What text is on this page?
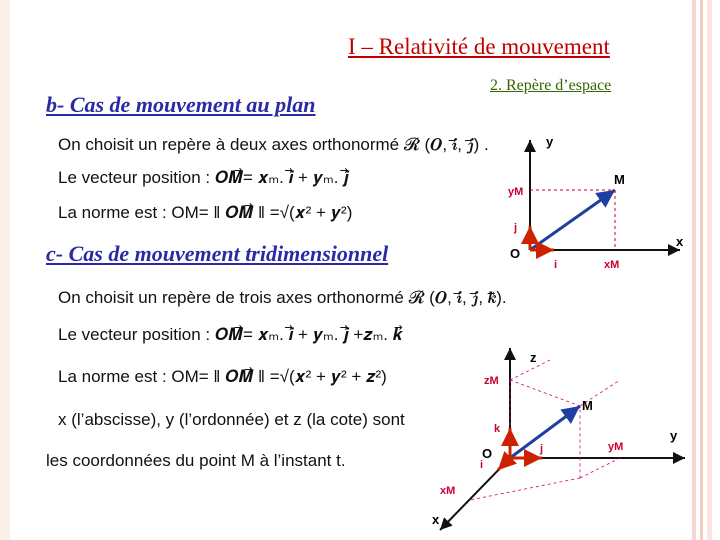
I – Relativité de mouvement
2. Repère d’espace
b- Cas de mouvement au plan
On choisit un repère à deux axes orthonormé 𝓡 (𝑶, 𝒊⃗, 𝒋⃗) .
Le vecteur position : 𝑶𝑴⃗= 𝒙ₘ. 𝒊⃗ + 𝒚ₘ. 𝒋⃗
La norme est : OM= ‖ 𝑶𝑴⃗ ‖ =√(𝒙² + 𝒚²)
c- Cas de mouvement tridimensionnel
On choisit un repère de trois axes orthonormé 𝓡 (𝑶, 𝒊⃗, 𝒋⃗, 𝒌⃗).
Le vecteur position : 𝑶𝑴⃗= 𝒙ₘ. 𝒊⃗ + 𝒚ₘ. 𝒋⃗ +𝒛ₘ. 𝒌⃗
La norme est : OM= ‖ 𝑶𝑴⃗ ‖ =√(𝒙² + 𝒚² + 𝒛²)
x (l’abscisse), y (l’ordonnée) et z (la cote) sont
les coordonnées du point M à l’instant t.
y
x
O
M
yM
xM
j
i
z
y
x
O
M
zM
yM
xM
k
j
i
